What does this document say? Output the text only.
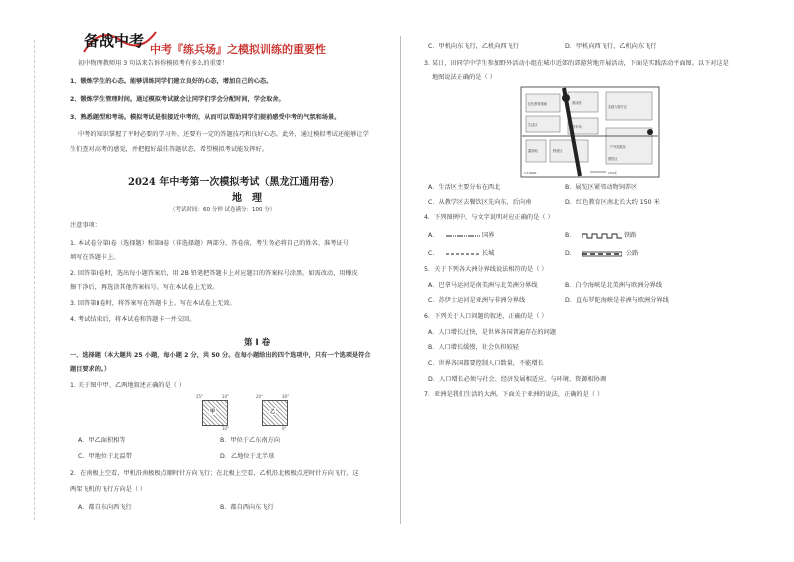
备战中考 中考『练兵场』之模拟训练的重要性
初中物理教师用 3 句话来告诉你模拟考有多么的重要！
1、锻炼学生的心态。能够训练同学们建立良好的心态，增加自己的心态。
2、锻炼学生管理时间。通过模拟考试就会让同学们学会分配时间，学会取舍。
3、熟悉题型和考场。模拟考试是很接近中考的，从而可以帮助同学们提前感受中考的气氛和场景。
中考的知识掌握了平时必要的学习外，还要有一定的答题技巧和良好心态。此外，通过模拟考试还能够让学
生们查对高考的感觉，并把握好最佳答题状态，希望模拟考试能发挥好。
2024 年中考第一次模拟考试（黑龙江通用卷）
地理
（考试时间：60 分钟 试卷满分：100 分）
注意事项：
1. 本试卷分第Ⅰ卷（选择题）和第Ⅱ卷（非选择题）两部分。答卷前，考生务必将自己的姓名、准考证号
填写在答题卡上。
2. 回答第Ⅰ卷时，选出每小题答案后，用 2B 铅笔把答题卡上对应题目的答案标号涂黑。如需改动，用橡皮
擦干净后，再选涂其他答案标号。写在本试卷上无效。
3. 回答第Ⅱ卷时，将答案写在答题卡上。写在本试卷上无效。
4. 考试结束后，将本试卷和答题卡一并交回。
第 Ⅰ 卷
一、选择题（本大题共 25 小题，每小题 2 分，共 50 分。在每小题给出的四个选项中，只有一个选项是符合
题目要求的。）
1. 关于图中甲、乙两地叙述正确的是（ ）
甲
25°	10°
10°
乙
20°	30°
0°
A．甲乙面积相等	B．甲位于乙东南方向
C．甲地位于北温带	D．乙地位于北半球
2．在南极上空看，甲机沿南极极点顺时针方向飞行；在北极上空看，乙机沿北极极点逆时针方向飞行，这
两架飞机的飞行方向是（ ）
A．都自东向西飞行	B．都自西向东飞行
C．甲机向东飞行，乙机向西飞行	D．甲机向西飞行，乙机向东飞行
3. 某日，田同学中学生参加野外活动小组在城市近郊的郊游营地开展活动，下面是实践活动平面图。以下对这是
地图说法正确的是（ ）
红色教育基地
生活区
游泳馆
实践与展厅区
停车场
1:10000
露营地	野营区
户外拓展区
餐饮区
150米
A．生活区主要分布在西北	B．展览区紧邻动物饲养区
C．从教学区去餐饮区先向东，后向南	D．红色教育区南北长大约 150 米
4．下列图例中，与文字说明对应正确的是（ ）
A．	国界	B．	铁路
C．	长城	D．	公路
5．关于下列各大洲分界线说法相符的是（ ）
A．巴拿马运河是南美洲与北美洲分界线	B．白令海峡是北美洲与欧洲分界线
C．苏伊士运河是亚洲与非洲分界线	D．直布罗陀海峡是非洲与欧洲分界线
6．下列关于人口问题的叙述，正确的是（ ）
A．人口增长过快，是世界各国普遍存在的问题
B．人口增长缓慢，社会负担较轻
C．世界各国都要控制人口数量，不能增长
D．人口增长必须与社会、经济发展相适应，与环境、资源相协调
7．亚洲是我们生活的大洲。下面关于亚洲的说法，正确的是（ ）
